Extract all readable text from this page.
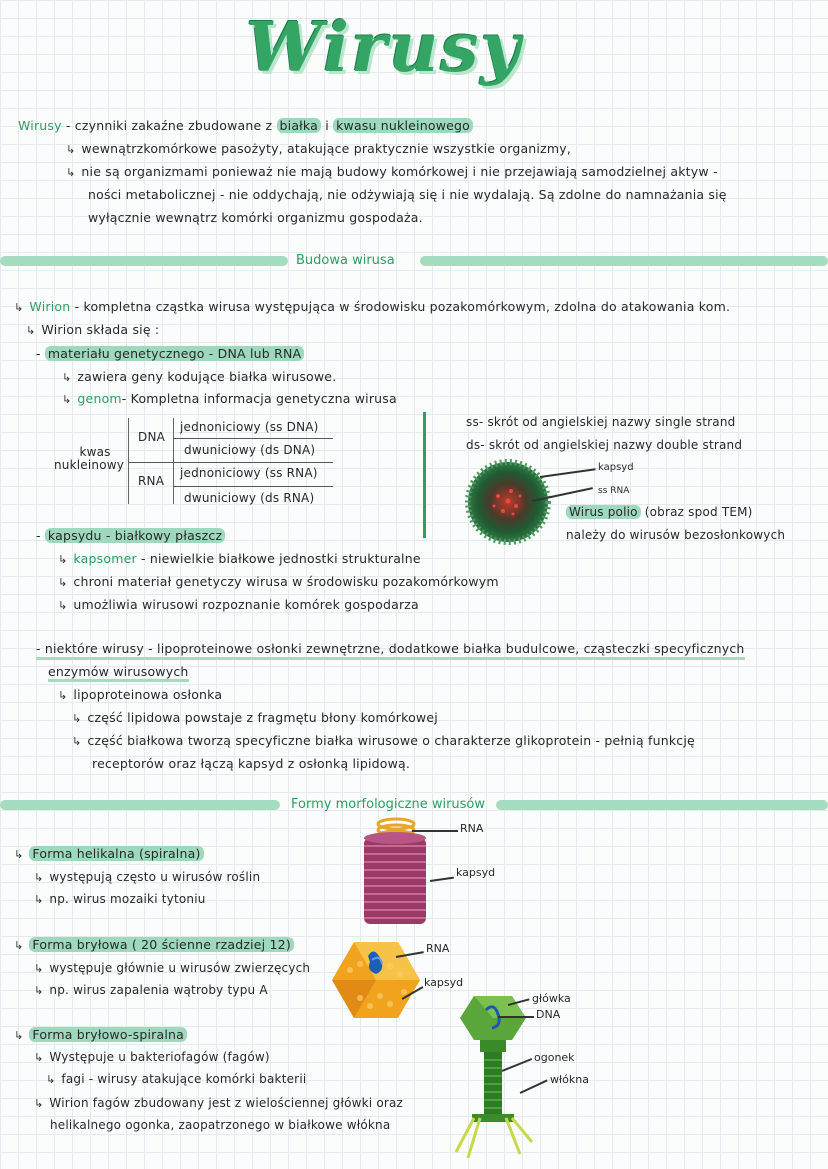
Wirusy
Wirusy - czynniki zakaźne zbudowane z białka i kwasu nukleinowego
↳ wewnątrzkomórkowe pasożyty, atakujące praktycznie wszystkie organizmy,
↳ nie są organizmami ponieważ nie mają budowy komórkowej i nie przejawiają samodzielnej aktyw -
ności metabolicznej - nie oddychają, nie odżywiają się i nie wydalają. Są zdolne do namnażania się
wyłącznie wewnątrz komórki organizmu gospodaża.
Budowa wirusa
↳ Wirion - kompletna cząstka wirusa występująca w środowisku pozakomórkowym, zdolna do atakowania kom.
↳ Wirion składa się :
- materiału genetycznego - DNA lub RNA
↳ zawiera geny kodujące białka wirusowe.
↳ genom- Kompletna informacja genetyczna wirusa
kwas
nukleinowy
DNA
RNA
jednoniciowy (ss DNA)
dwuniciowy (ds DNA)
jednoniciowy (ss RNA)
dwuniciowy (ds RNA)
ss- skrót od angielskiej nazwy single strand
ds- skrót od angielskiej nazwy double strand
kapsyd
ss RNA
Wirus polio (obraz spod TEM)
należy do wirusów bezosłonkowych
- kapsydu - białkowy płaszcz
↳ kapsomer - niewielkie białkowe jednostki strukturalne
↳ chroni materiał genetyczy wirusa w środowisku pozakomórkowym
↳ umożliwia wirusowi rozpoznanie komórek gospodarza
- niektóre wirusy - lipoproteinowe osłonki zewnętrzne, dodatkowe białka budulcowe, cząsteczki specyficznych
enzymów wirusowych
↳ lipoproteinowa osłonka
↳ część lipidowa powstaje z fragmętu błony komórkowej
↳ część białkowa tworzą specyficzne białka wirusowe o charakterze glikoprotein - pełnią funkcję
receptorów oraz łączą kapsyd z osłonką lipidową.
Formy morfologiczne wirusów
↳ Forma helikalna (spiralna)
↳ występują często u wirusów roślin
↳ np. wirus mozaiki tytoniu
RNA
kapsyd
↳ Forma bryłowa ( 20 ścienne rzadziej 12)
↳ występuje głównie u wirusów zwierzęcych
↳ np. wirus zapalenia wątroby typu A
RNA
kapsyd
↳ Forma bryłowo-spiralna
↳ Występuje u bakteriofagów (fagów)
↳ fagi - wirusy atakujące komórki bakterii
↳ Wirion fagów zbudowany jest z wielościennej główki oraz
helikalnego ogonka, zaopatrzonego w białkowe włókna
główka
DNA
ogonek
włókna
